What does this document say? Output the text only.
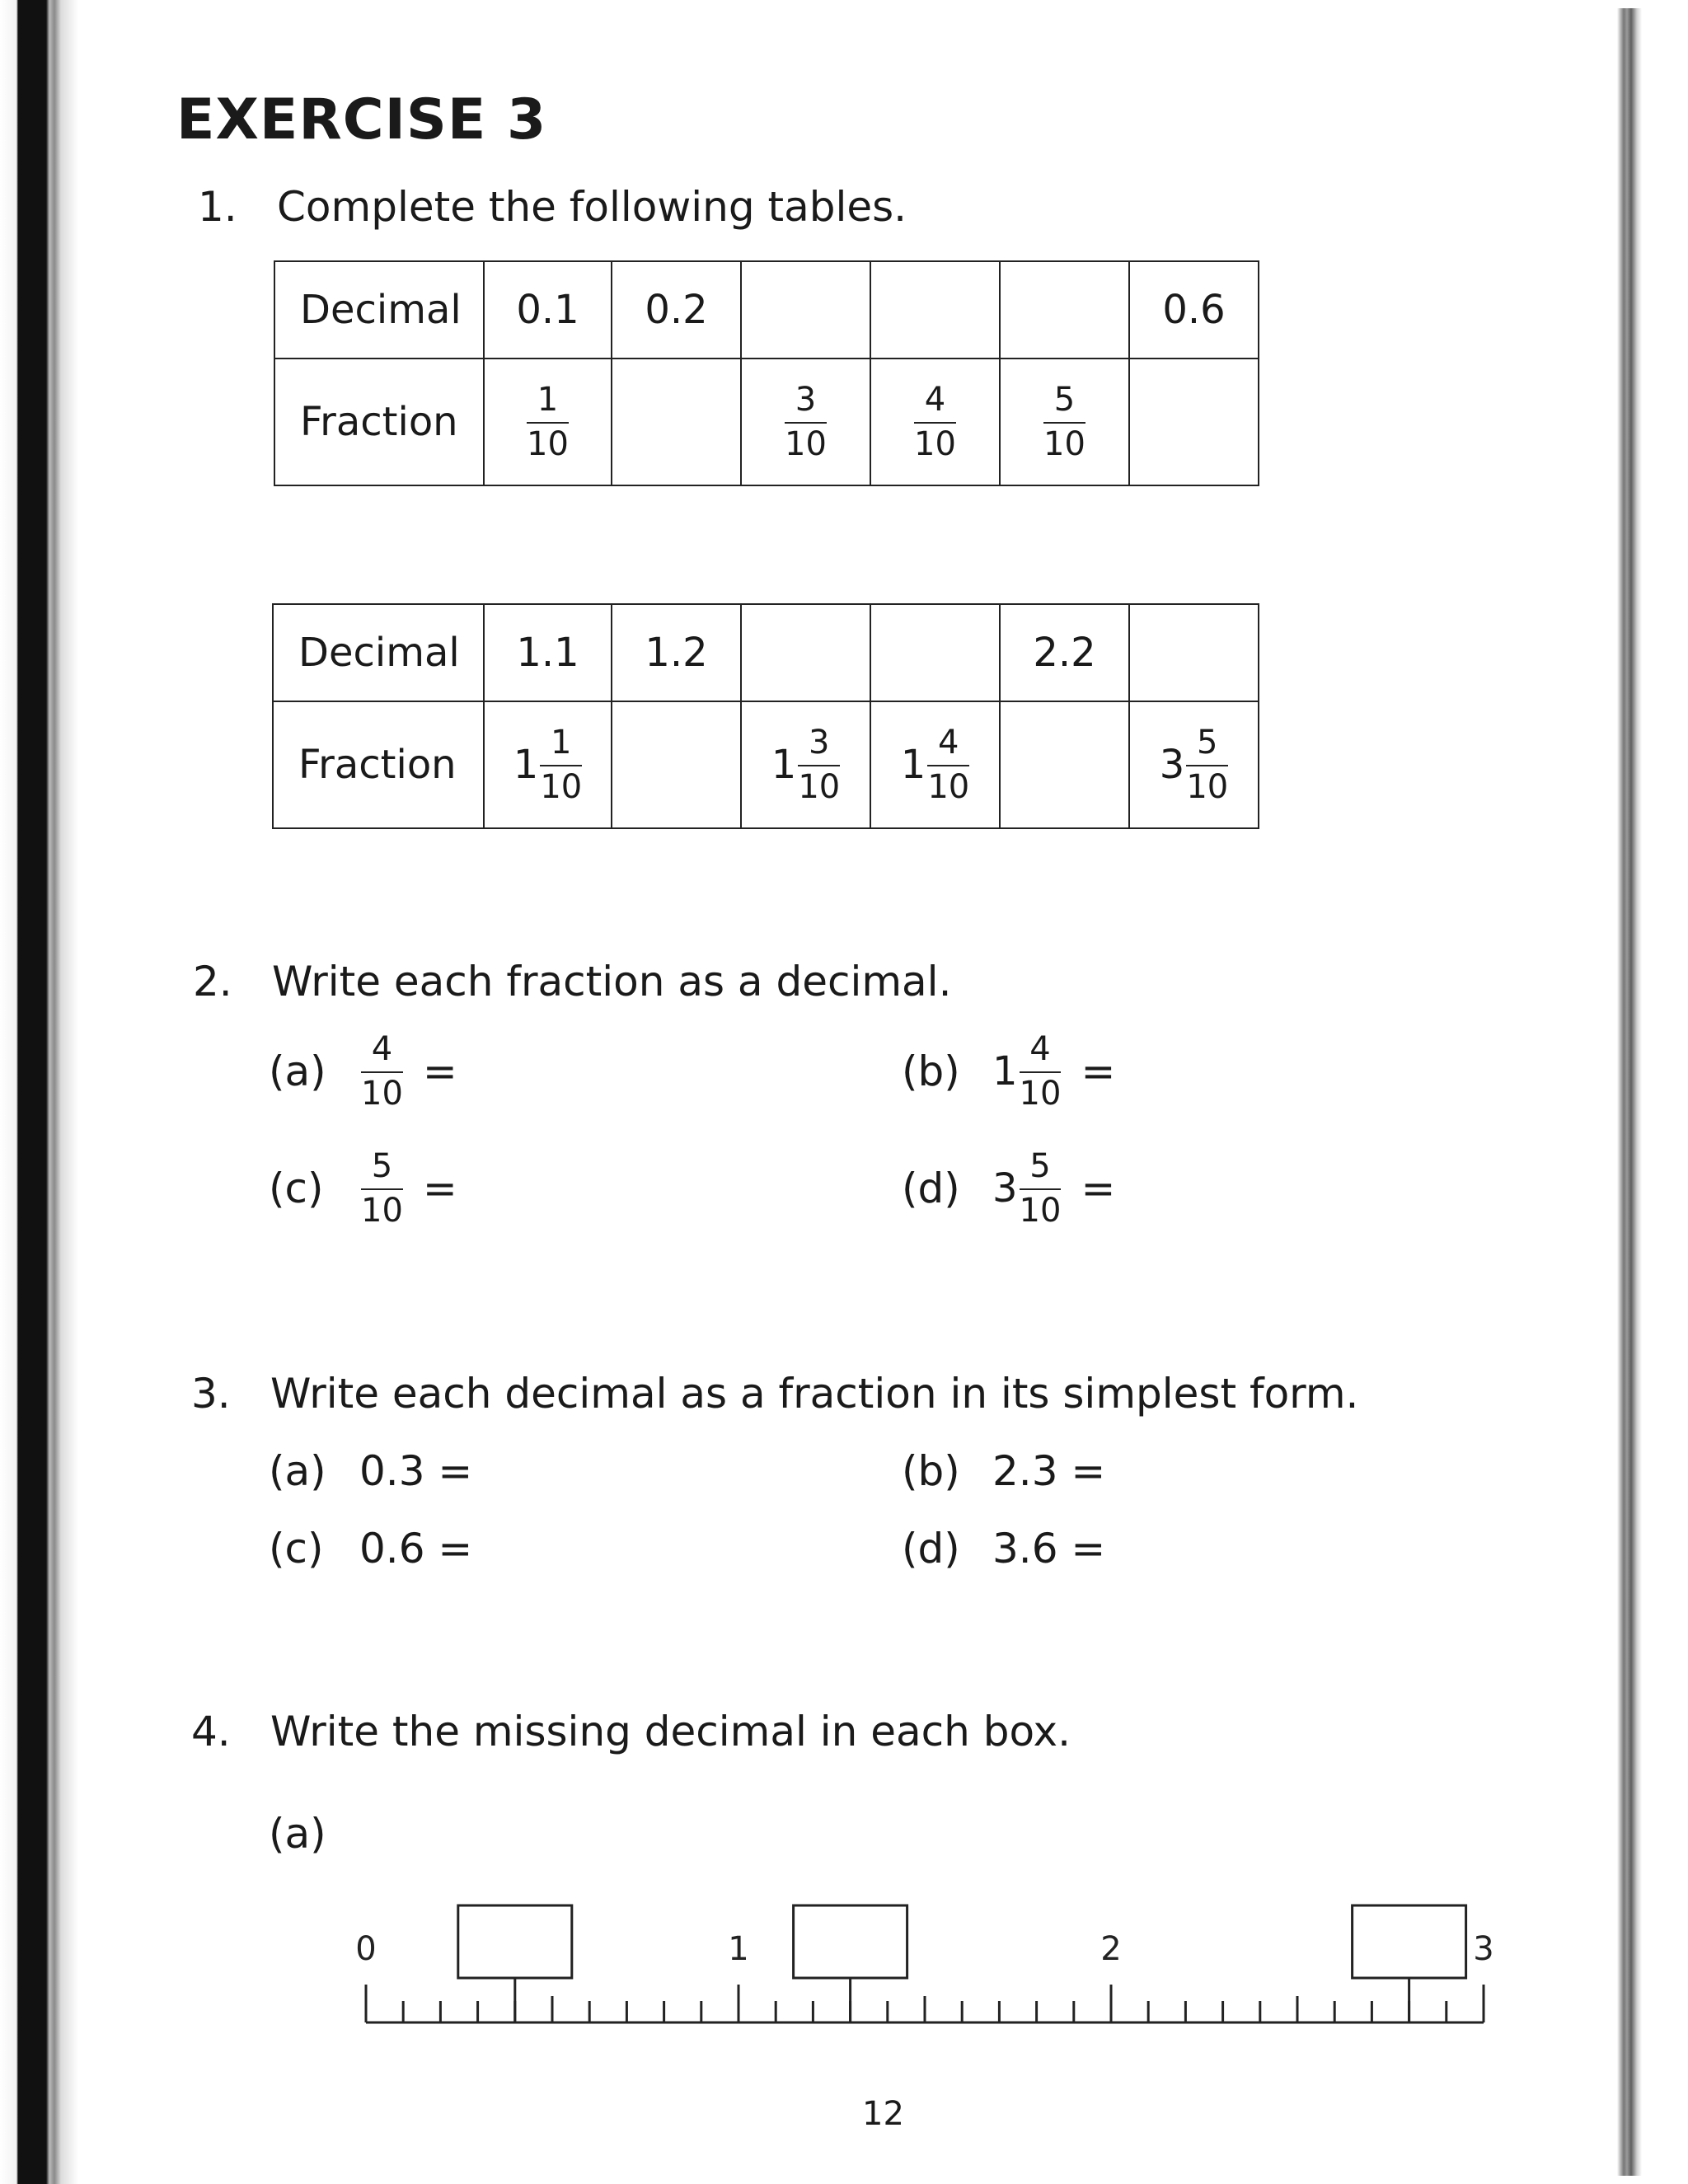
EXERCISE 3
1. Complete the following tables.
Decimal	0.1	0.2				0.6
Fraction	$\frac{1}{10}$		$\frac{3}{10}$	$\frac{4}{10}$	$\frac{5}{10}$

Decimal	1.1	1.2			2.2	
Fraction	$1 \frac{1}{10}$		$1 \frac{3}{10}$	$1 \frac{4}{10}$		$3 \frac{5}{10}$
2. Write each fraction as a decimal.
(a)	$\frac{4}{10}$ =	(b) $1 \frac{4}{10}$ =
(c)	$\frac{5}{10}$ =	(d) $3 \frac{5}{10}$ =
3. Write each decimal as a fraction in its simplest form.
(a) 0.3 =	(b) 2.3 =
(c) 0.6 =	(d) 3.6 =
4. Write the missing decimal in each box.
(a)
0	1	2	3
12
